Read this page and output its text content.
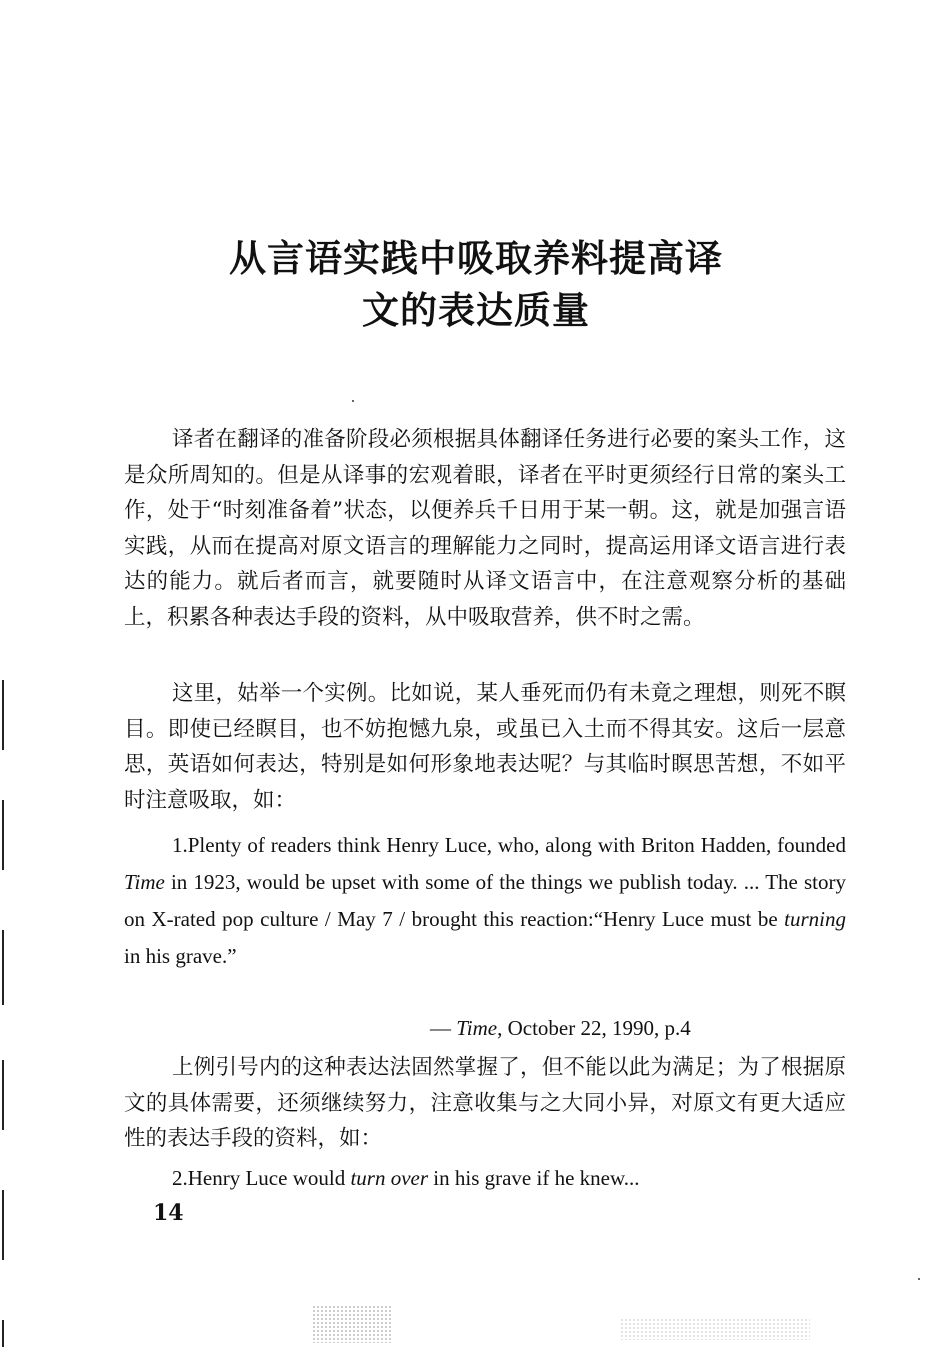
从言语实践中吸取养料提高译
文的表达质量
译者在翻译的准备阶段必须根据具体翻译任务进行必要的案头工作，这是众所周知的。但是从译事的宏观着眼，译者在平时更须经行日常的案头工作，处于“时刻准备着”状态，以便养兵千日用于某一朝。这，就是加强言语实践，从而在提高对原文语言的理解能力之同时，提高运用译文语言进行表达的能力。就后者而言，就要随时从译文语言中，在注意观察分析的基础上，积累各种表达手段的资料，从中吸取营养，供不时之需。
这里，姑举一个实例。比如说，某人垂死而仍有未竟之理想，则死不瞑目。即使已经瞑目，也不妨抱憾九泉，或虽已入土而不得其安。这后一层意思，英语如何表达，特别是如何形象地表达呢？与其临时瞑思苦想，不如平时注意吸取，如：

1.Plenty of readers think Henry Luce, who, along with Briton Hadden, founded Time in 1923, would be upset with some of the things we publish today. ... The story on X-rated pop culture / May 7 / brought this reaction:“Henry Luce must be turning in his grave.”

— Time, October 22, 1990, p.4
上例引号内的这种表达法固然掌握了，但不能以此为满足；为了根据原文的具体需要，还须继续努力，注意收集与之大同小异，对原文有更大适应性的表达手段的资料，如：

2.Henry Luce would turn over in his grave if he knew...

14
